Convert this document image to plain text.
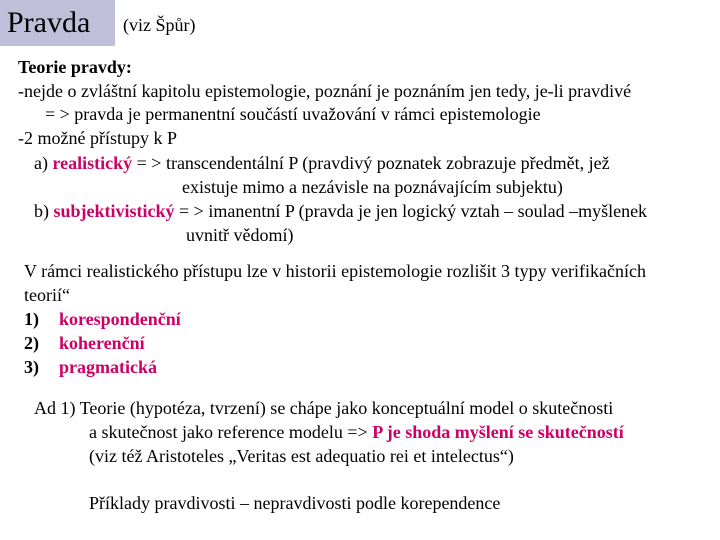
Pravda (viz Špůr)
Teorie pravdy:
-nejde o zvláštní kapitolu epistemologie, poznání je poznáním jen tedy, je-li pravdivé
= > pravda je permanentní součástí uvažování v rámci epistemologie
-2 možné přístupy k P
a) realistický = > transcendentální P (pravdivý poznatek zobrazuje předmět, jež
existuje mimo a nezávisle na poznávajícím subjektu)
b) subjektivistický = > imanentní P (pravda je jen logický vztah – soulad –myšlenek
uvnitř vědomí)
V rámci realistického přístupu lze v historii epistemologie rozlišit 3 typy verifikačních
teorií“
1) korespondenční
2) koherenční
3) pragmatická
Ad 1) Teorie (hypotéza, tvrzení) se chápe jako konceptuální model o skutečnosti
a skutečnost jako reference modelu => P je shoda myšlení se skutečností
(viz též Aristoteles „Veritas est adequatio rei et intelectus“)
Příklady pravdivosti – nepravdivosti podle korependence
